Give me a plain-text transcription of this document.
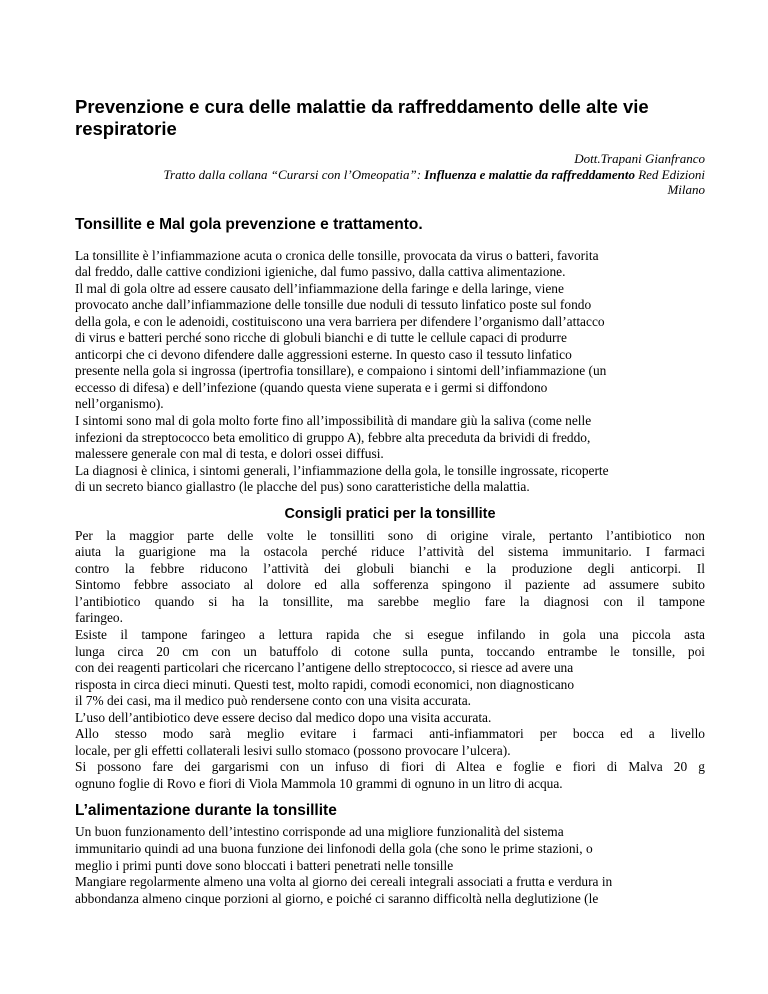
Prevenzione e cura delle malattie da raffreddamento delle alte vie respiratorie
Dott.Trapani Gianfranco
Tratto dalla collana “Curarsi con l’Omeopatia”: Influenza e malattie da raffreddamento Red Edizioni
Milano
Tonsillite e Mal gola prevenzione e trattamento.
La tonsillite è l’infiammazione acuta o cronica delle tonsille, provocata da virus o batteri, favorita
dal freddo, dalle cattive condizioni igieniche, dal fumo passivo, dalla cattiva alimentazione.
Il mal di gola oltre ad essere causato dell’infiammazione della faringe e della laringe, viene
provocato anche dall’infiammazione delle tonsille due noduli di tessuto linfatico poste sul fondo
della gola, e con le adenoidi, costituiscono una vera barriera per difendere l’organismo dall’attacco
di virus e batteri perché sono ricche di globuli bianchi e di tutte le cellule capaci di produrre
anticorpi che ci devono difendere dalle aggressioni esterne. In questo caso il tessuto linfatico
presente nella gola si ingrossa (ipertrofia tonsillare), e compaiono i sintomi dell’infiammazione (un
eccesso di difesa) e dell’infezione (quando questa viene superata e i germi si diffondono
nell’organismo).
I sintomi sono mal di gola molto forte fino all’impossibilità di mandare giù la saliva (come nelle
infezioni da streptococco beta emolitico di gruppo A), febbre alta preceduta da brividi di freddo,
malessere generale con mal di testa, e dolori ossei diffusi.
La diagnosi è clinica, i sintomi generali, l’infiammazione della gola, le tonsille ingrossate, ricoperte
di un secreto bianco giallastro (le placche del pus) sono caratteristiche della malattia.
Consigli pratici per la tonsillite
Per la maggior parte delle volte le tonsilliti sono di origine virale, pertanto l’antibiotico non
aiuta la guarigione ma la ostacola perché riduce l’attività del sistema immunitario. I farmaci
contro la febbre riducono l’attività dei globuli bianchi e la produzione degli anticorpi. Il
Sintomo febbre associato al dolore ed alla sofferenza spingono il paziente ad assumere subito
l’antibiotico quando si ha la tonsillite, ma sarebbe meglio fare la diagnosi con il tampone
faringeo.
Esiste il tampone faringeo a lettura rapida che si esegue infilando in gola una piccola asta
lunga circa 20 cm con un batuffolo di cotone sulla punta, toccando entrambe le tonsille, poi
con dei reagenti particolari che ricercano l’antigene dello streptococco, si riesce ad avere una
risposta in circa dieci minuti. Questi test, molto rapidi, comodi economici, non diagnosticano
il 7% dei casi, ma il medico può rendersene conto con una visita accurata.
L’uso dell’antibiotico deve essere deciso dal medico dopo una visita accurata.
Allo stesso modo sarà meglio evitare i farmaci anti-infiammatori per bocca ed a livello
locale, per gli effetti collaterali lesivi sullo stomaco (possono provocare l’ulcera).
Si possono fare dei gargarismi con un infuso di fiori di Altea e foglie e fiori di Malva 20 g
ognuno foglie di Rovo e fiori di Viola Mammola 10 grammi di ognuno in un litro di acqua.
L’alimentazione durante la tonsillite
Un buon funzionamento dell’intestino corrisponde ad una migliore funzionalità del sistema
immunitario quindi ad una buona funzione dei linfonodi della gola (che sono le prime stazioni, o
meglio i primi punti dove sono bloccati i batteri penetrati nelle tonsille
Mangiare regolarmente almeno una volta al giorno dei cereali integrali associati a frutta e verdura in
abbondanza almeno cinque porzioni al giorno, e poiché ci saranno difficoltà nella deglutizione (le
